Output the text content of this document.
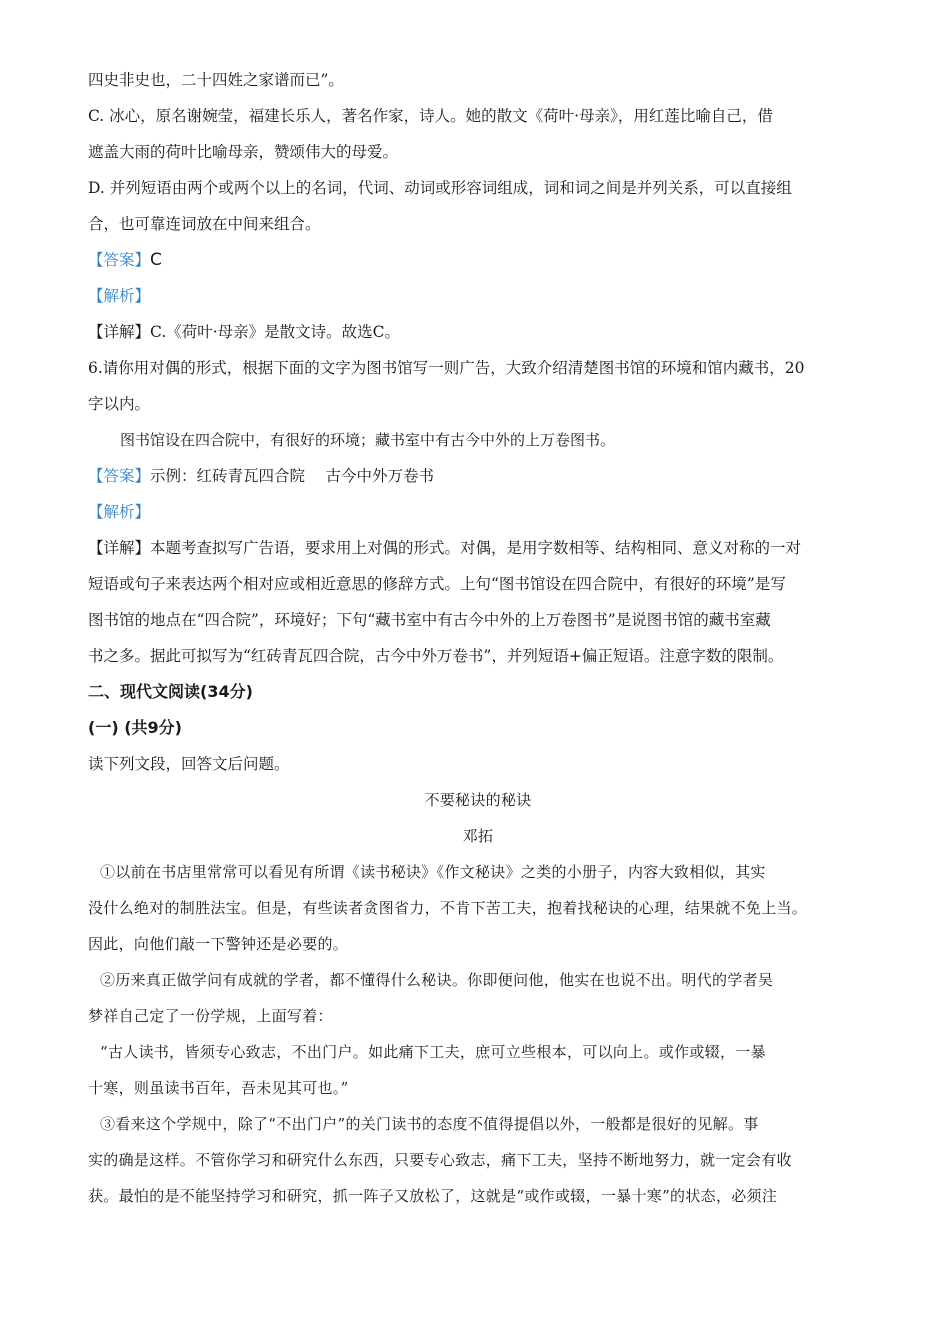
四史非史也，二十四姓之家谱而已”。
C. 冰心，原名谢婉莹，福建长乐人，著名作家，诗人。她的散文《荷叶·母亲》，用红莲比喻自己，借
遮盖大雨的荷叶比喻母亲，赞颂伟大的母爱。
D. 并列短语由两个或两个以上的名词，代词、动词或形容词组成，词和词之间是并列关系，可以直接组
合，也可靠连词放在中间来组合。
【答案】C
【解析】
【详解】C.《荷叶·母亲》是散文诗。故选C。
6.请你用对偶的形式，根据下面的文字为图书馆写一则广告，大致介绍清楚图书馆的环境和馆内藏书，20
字以内。
图书馆设在四合院中，有很好的环境；藏书室中有古今中外的上万卷图书。
【答案】示例：红砖青瓦四合院　 古今中外万卷书
【解析】
【详解】本题考查拟写广告语，要求用上对偶的形式。对偶，是用字数相等、结构相同、意义对称的一对
短语或句子来表达两个相对应或相近意思的修辞方式。上句“图书馆设在四合院中，有很好的环境”是写
图书馆的地点在“四合院”，环境好；下句“藏书室中有古今中外的上万卷图书”是说图书馆的藏书室藏
书之多。据此可拟写为“红砖青瓦四合院，古今中外万卷书”，并列短语+偏正短语。注意字数的限制。
二、现代文阅读(34分)
(一) (共9分)
读下列文段，回答文后问题。
不要秘诀的秘诀
邓拓
①以前在书店里常常可以看见有所谓《读书秘诀》《作文秘诀》之类的小册子，内容大致相似，其实
没什么绝对的制胜法宝。但是，有些读者贪图省力，不肯下苦工夫，抱着找秘诀的心理，结果就不免上当。
因此，向他们敲一下警钟还是必要的。
②历来真正做学问有成就的学者，都不懂得什么秘诀。你即便问他，他实在也说不出。明代的学者吴
梦祥自己定了一份学规，上面写着：
“古人读书，皆须专心致志，不出门户。如此痛下工夫，庶可立些根本，可以向上。或作或辍，一暴
十寒，则虽读书百年，吾未见其可也。”
③看来这个学规中，除了“不出门户”的关门读书的态度不值得提倡以外，一般都是很好的见解。事
实的确是这样。不管你学习和研究什么东西，只要专心致志，痛下工夫，坚持不断地努力，就一定会有收
获。最怕的是不能坚持学习和研究，抓一阵子又放松了，这就是“或作或辍，一暴十寒”的状态，必须注
